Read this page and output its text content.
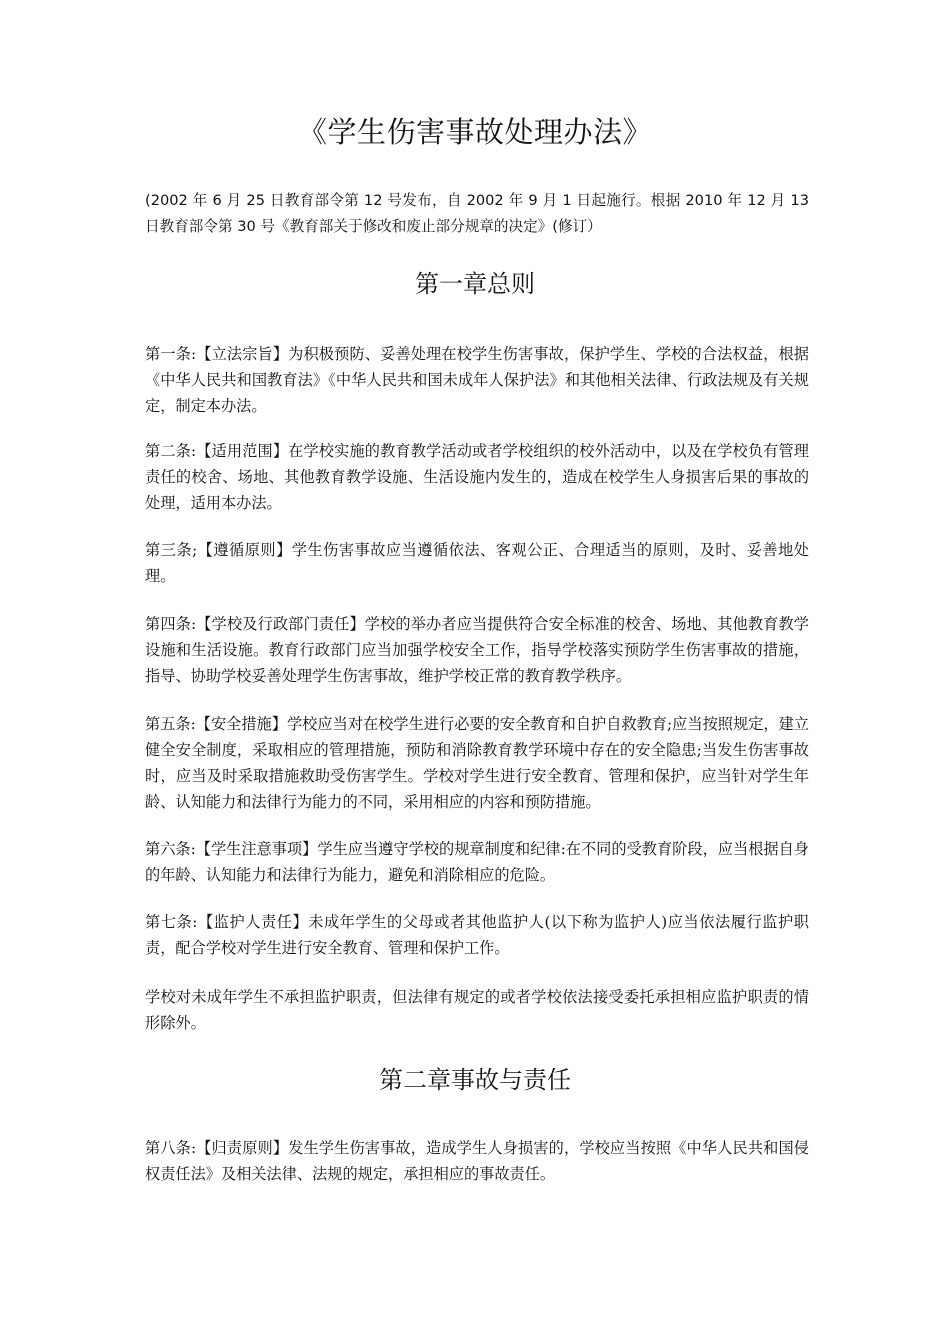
《学生伤害事故处理办法》

(2002 年 6 月 25 日教育部令第 12 号发布，自 2002 年 9 月 1 日起施行。根据 2010 年 12 月 13 日教育部令第 30 号《教育部关于修改和废止部分规章的决定》(修订）

第一章总则

第一条:【立法宗旨】为积极预防、妥善处理在校学生伤害事故，保护学生、学校的合法权益，根据《中华人民共和国教育法》《中华人民共和国未成年人保护法》和其他相关法律、行政法规及有关规定，制定本办法。

第二条:【适用范围】在学校实施的教育教学活动或者学校组织的校外活动中，以及在学校负有管理责任的校舍、场地、其他教育教学设施、生活设施内发生的，造成在校学生人身损害后果的事故的处理，适用本办法。

第三条;【遵循原则】学生伤害事故应当遵循依法、客观公正、合理适当的原则，及时、妥善地处理。

第四条:【学校及行政部门责任】学校的举办者应当提供符合安全标准的校舍、场地、其他教育教学设施和生活设施。教育行政部门应当加强学校安全工作，指导学校落实预防学生伤害事故的措施，指导、协助学校妥善处理学生伤害事故，维护学校正常的教育教学秩序。

第五条:【安全措施】学校应当对在校学生进行必要的安全教育和自护自救教育;应当按照规定，建立健全安全制度，采取相应的管理措施，预防和消除教育教学环境中存在的安全隐患;当发生伤害事故时，应当及时采取措施救助受伤害学生。学校对学生进行安全教育、管理和保护，应当针对学生年龄、认知能力和法律行为能力的不同，采用相应的内容和预防措施。

第六条:【学生注意事项】学生应当遵守学校的规章制度和纪律:在不同的受教育阶段，应当根据自身的年龄、认知能力和法律行为能力，避免和消除相应的危险。

第七条:【监护人责任】未成年学生的父母或者其他监护人(以下称为监护人)应当依法履行监护职责，配合学校对学生进行安全教育、管理和保护工作。

学校对未成年学生不承担监护职责，但法律有规定的或者学校依法接受委托承担相应监护职责的情形除外。

第二章事故与责任

第八条:【归责原则】发生学生伤害事故，造成学生人身损害的，学校应当按照《中华人民共和国侵权责任法》及相关法律、法规的规定，承担相应的事故责任。
